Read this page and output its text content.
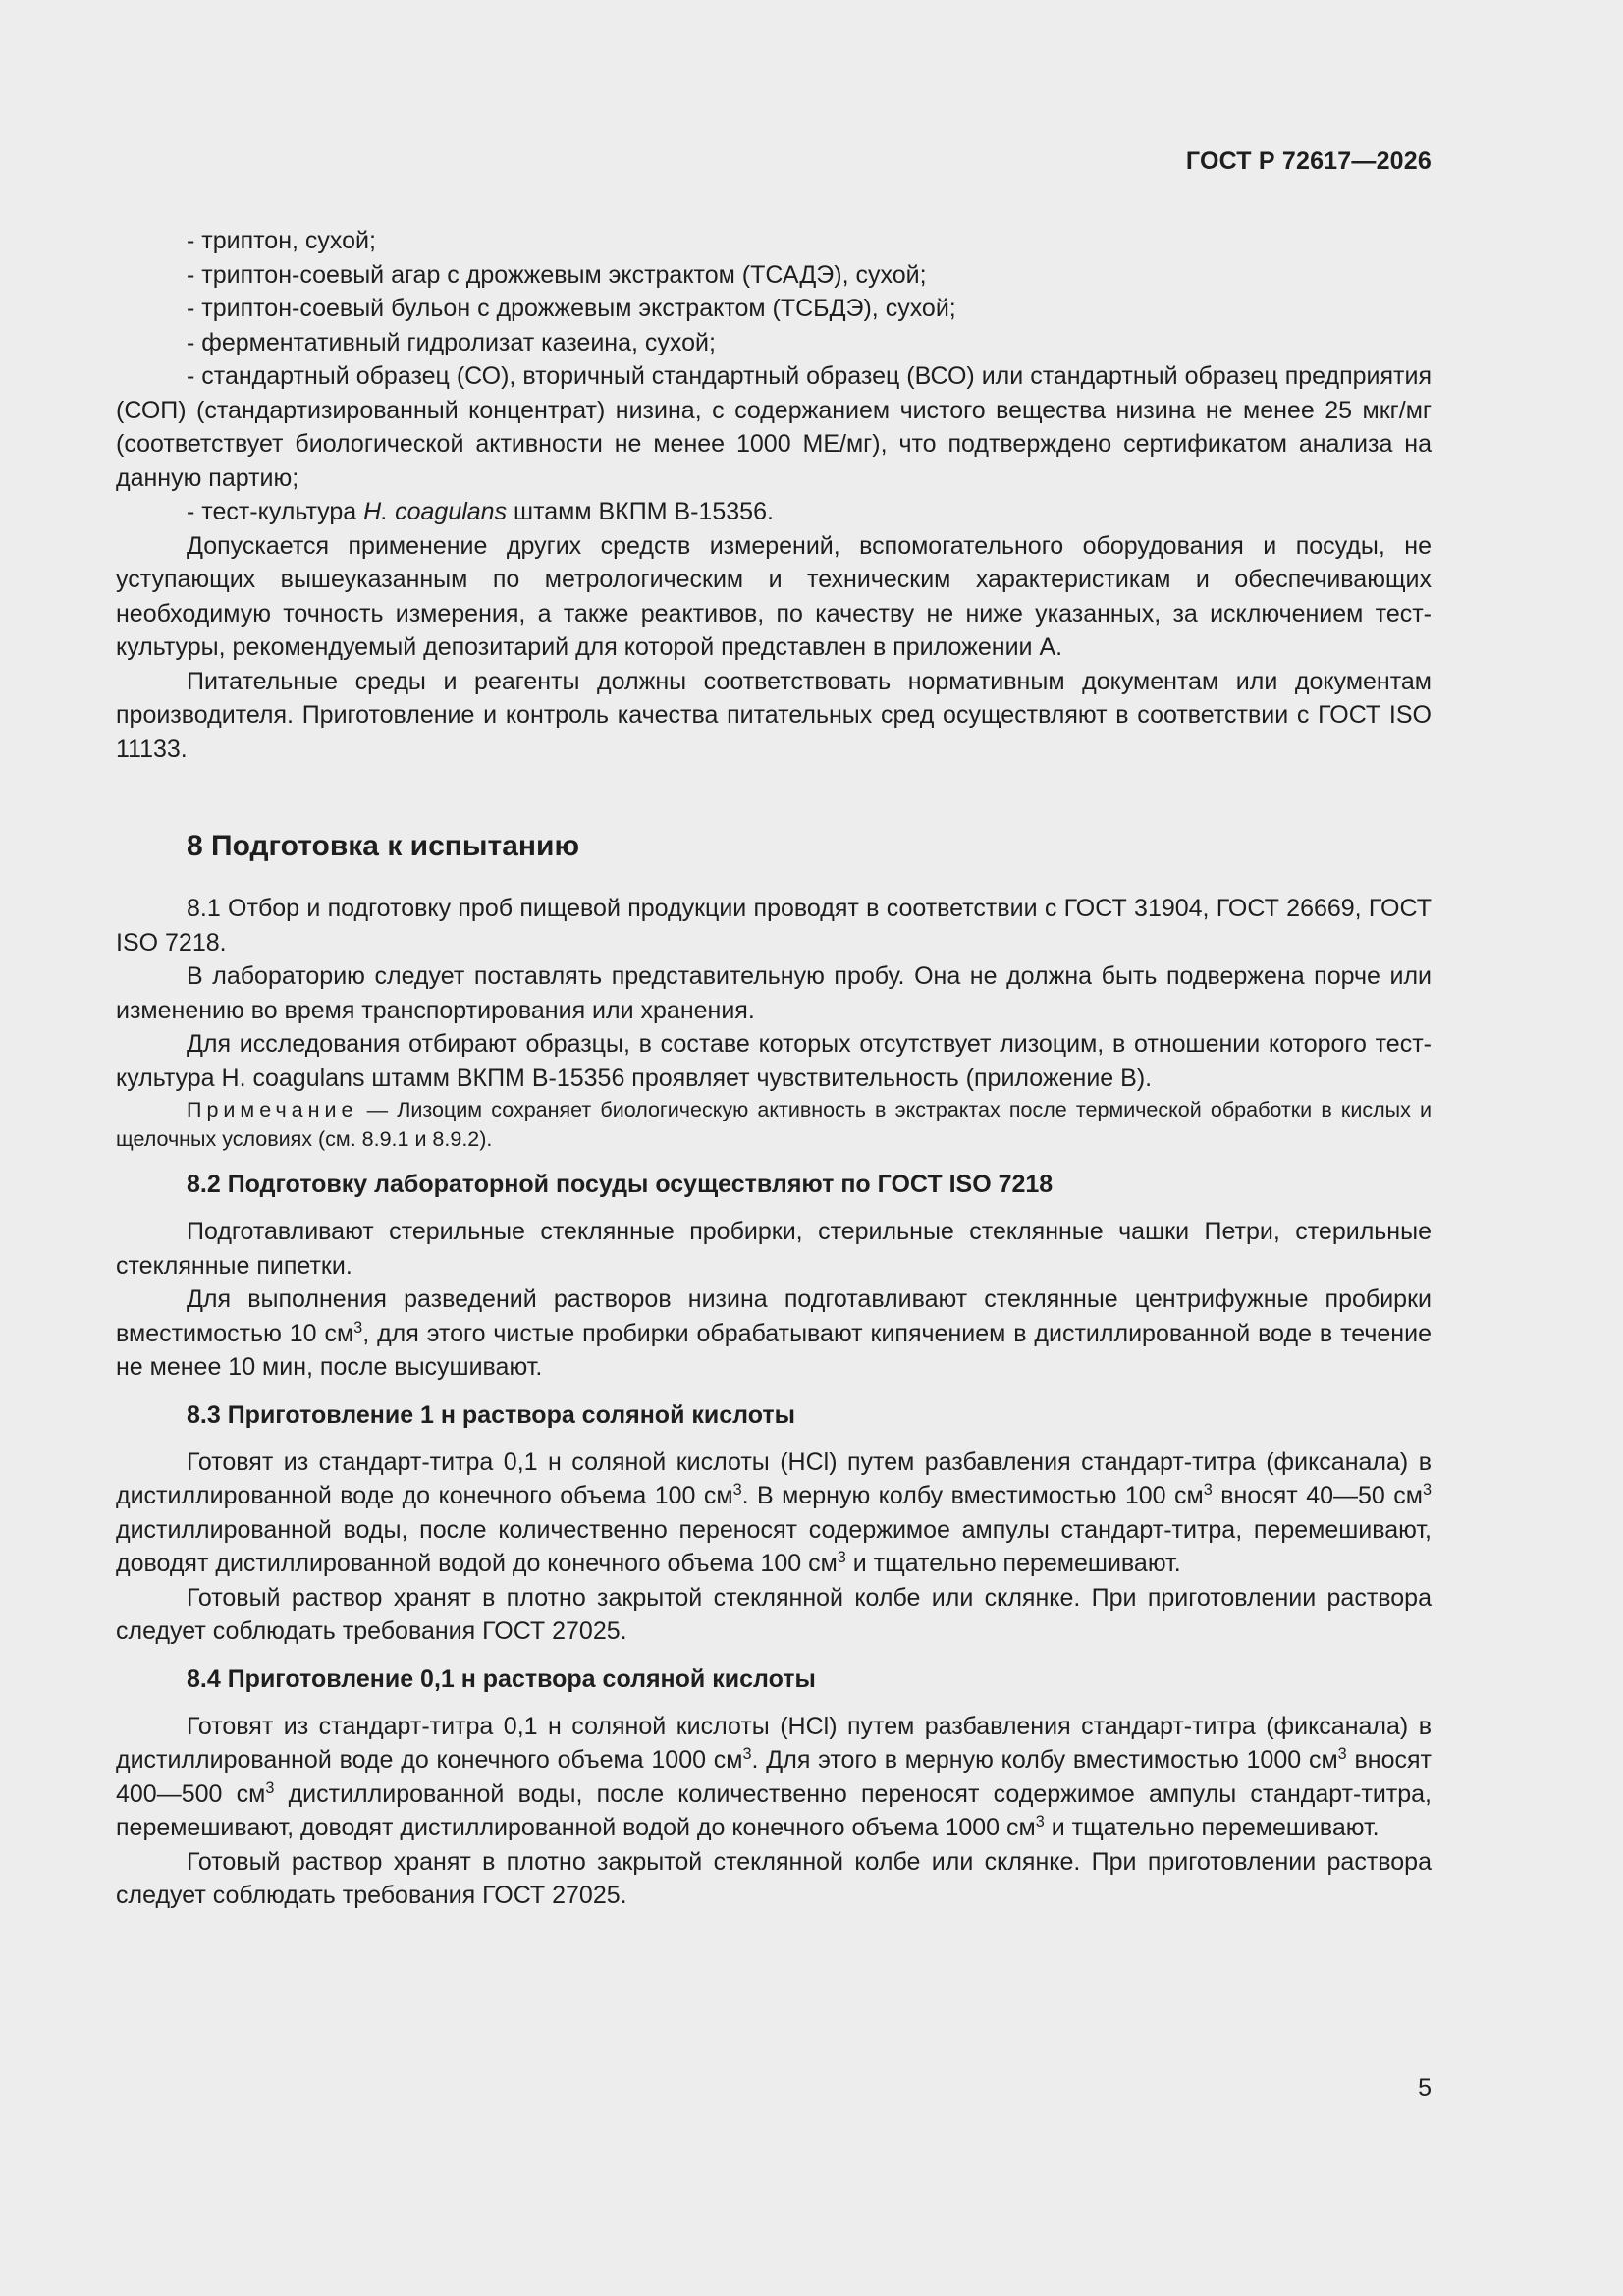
ГОСТ Р 72617—2026

- триптон, сухой;

- триптон-соевый агар с дрожжевым экстрактом (ТСАДЭ), сухой;

- триптон-соевый бульон с дрожжевым экстрактом (ТСБДЭ), сухой;

- ферментативный гидролизат казеина, сухой;

- стандартный образец (СО), вторичный стандартный образец (ВСО) или стандартный образец предприятия (СОП) (стандартизированный концентрат) низина, с содержанием чистого вещества низина не менее 25 мкг/мг (соответствует биологической активности не менее 1000 МЕ/мг), что подтверждено сертификатом анализа на данную партию;

- тест-культура H. coagulans штамм ВКПМ В-15356.

Допускается применение других средств измерений, вспомогательного оборудования и посуды, не уступающих вышеуказанным по метрологическим и техническим характеристикам и обеспечивающих необходимую точность измерения, а также реактивов, по качеству не ниже указанных, за исключением тест-культуры, рекомендуемый депозитарий для которой представлен в приложении А.

Питательные среды и реагенты должны соответствовать нормативным документам или документам производителя. Приготовление и контроль качества питательных сред осуществляют в соответствии с ГОСТ ISO 11133.

8 Подготовка к испытанию

8.1 Отбор и подготовку проб пищевой продукции проводят в соответствии с ГОСТ 31904, ГОСТ 26669, ГОСТ ISO 7218.

В лабораторию следует поставлять представительную пробу. Она не должна быть подвержена порче или изменению во время транспортирования или хранения.

Для исследования отбирают образцы, в составе которых отсутствует лизоцим, в отношении которого тест-культура H. coagulans штамм ВКПМ В-15356 проявляет чувствительность (приложение В).

Примечание — Лизоцим сохраняет биологическую активность в экстрактах после термической обработки в кислых и щелочных условиях (см. 8.9.1 и 8.9.2).

8.2 Подготовку лабораторной посуды осуществляют по ГОСТ ISO 7218

Подготавливают стерильные стеклянные пробирки, стерильные стеклянные чашки Петри, стерильные стеклянные пипетки.

Для выполнения разведений растворов низина подготавливают стеклянные центрифужные пробирки вместимостью 10 $см^3$, для этого чистые пробирки обрабатывают кипячением в дистиллированной воде в течение не менее 10 мин, после высушивают.

8.3 Приготовление 1 н раствора соляной кислоты

Готовят из стандарт-титра 0,1 н соляной кислоты (HCl) путем разбавления стандарт-титра (фиксанала) в дистиллированной воде до конечного объема 100 $см^3$. В мерную колбу вместимостью 100 $см^3$ вносят 40—50 $см^3$ дистиллированной воды, после количественно переносят содержимое ампулы стандарт-титра, перемешивают, доводят дистиллированной водой до конечного объема 100 $см^3$ и тщательно перемешивают.

Готовый раствор хранят в плотно закрытой стеклянной колбе или склянке. При приготовлении раствора следует соблюдать требования ГОСТ 27025.

8.4 Приготовление 0,1 н раствора соляной кислоты

Готовят из стандарт-титра 0,1 н соляной кислоты (HCl) путем разбавления стандарт-титра (фиксанала) в дистиллированной воде до конечного объема 1000 $см^3$. Для этого в мерную колбу вместимостью 1000 $см^3$ вносят 400—500 $см^3$ дистиллированной воды, после количественно переносят содержимое ампулы стандарт-титра, перемешивают, доводят дистиллированной водой до конечного объема 1000 $см^3$ и тщательно перемешивают.

Готовый раствор хранят в плотно закрытой стеклянной колбе или склянке. При приготовлении раствора следует соблюдать требования ГОСТ 27025.

5
